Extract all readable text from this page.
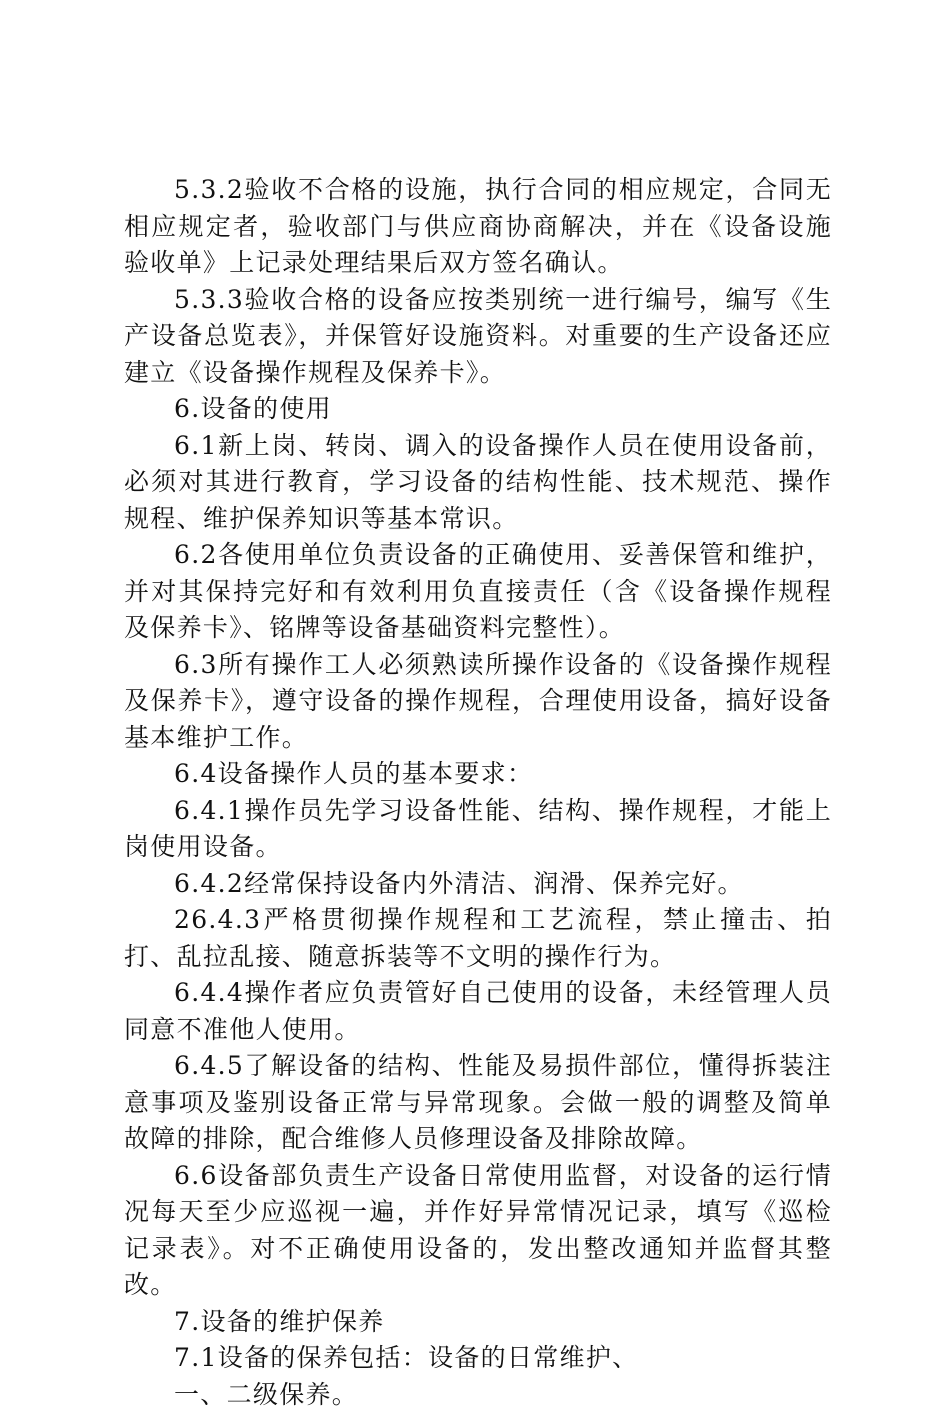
5.3.2验收不合格的设施，执行合同的相应规定，合同无相应规定者，验收部门与供应商协商解决，并在《设备设施验收单》上记录处理结果后双方签名确认。

5.3.3验收合格的设备应按类别统一进行编号，编写《生产设备总览表》，并保管好设施资料。对重要的生产设备还应建立《设备操作规程及保养卡》。

6.设备的使用

6.1新上岗、转岗、调入的设备操作人员在使用设备前，必须对其进行教育，学习设备的结构性能、技术规范、操作规程、维护保养知识等基本常识。

6.2各使用单位负责设备的正确使用、妥善保管和维护，并对其保持完好和有效利用负直接责任（含《设备操作规程及保养卡》、铭牌等设备基础资料完整性）。

6.3所有操作工人必须熟读所操作设备的《设备操作规程及保养卡》，遵守设备的操作规程，合理使用设备，搞好设备基本维护工作。

6.4设备操作人员的基本要求：

6.4.1操作员先学习设备性能、结构、操作规程，才能上岗使用设备。

6.4.2经常保持设备内外清洁、润滑、保养完好。

26.4.3严格贯彻操作规程和工艺流程，禁止撞击、拍打、乱拉乱接、随意拆装等不文明的操作行为。

6.4.4操作者应负责管好自己使用的设备，未经管理人员同意不准他人使用。

6.4.5了解设备的结构、性能及易损件部位，懂得拆装注意事项及鉴别设备正常与异常现象。会做一般的调整及简单故障的排除，配合维修人员修理设备及排除故障。

6.6设备部负责生产设备日常使用监督，对设备的运行情况每天至少应巡视一遍，并作好异常情况记录，填写《巡检记录表》。对不正确使用设备的，发出整改通知并监督其整改。

7.设备的维护保养

7.1设备的保养包括：设备的日常维护、

一、二级保养。
